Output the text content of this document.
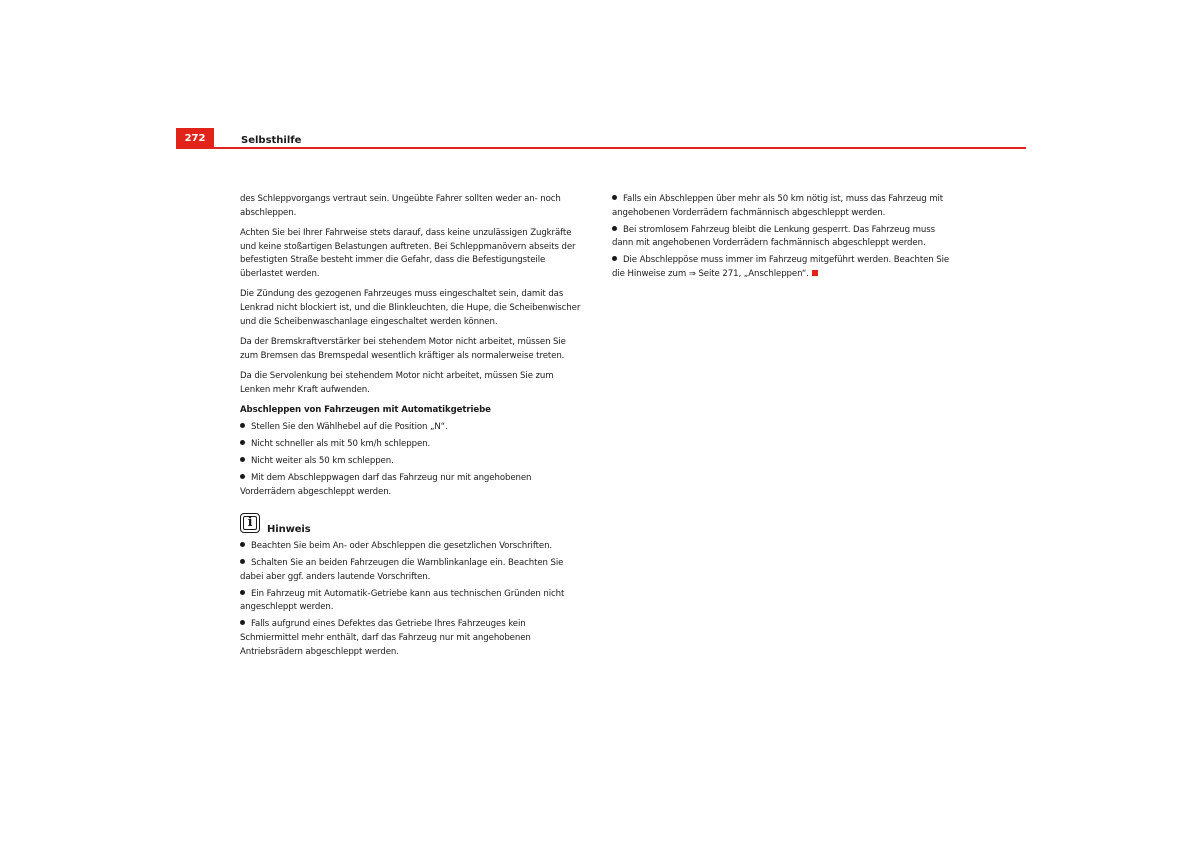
272	Selbsthilfe

des Schleppvorgangs vertraut sein. Ungeübte Fahrer sollten weder an- noch abschleppen.

Achten Sie bei Ihrer Fahrweise stets darauf, dass keine unzulässigen Zugkräfte und keine stoßartigen Belastungen auftreten. Bei Schleppmanövern abseits der befestigten Straße besteht immer die Gefahr, dass die Befestigungsteile überlastet werden.

Die Zündung des gezogenen Fahrzeuges muss eingeschaltet sein, damit das Lenkrad nicht blockiert ist, und die Blinkleuchten, die Hupe, die Scheibenwischer und die Scheibenwaschanlage eingeschaltet werden können.

Da der Bremskraftverstärker bei stehendem Motor nicht arbeitet, müssen Sie zum Bremsen das Bremspedal wesentlich kräftiger als normalerweise treten.

Da die Servolenkung bei stehendem Motor nicht arbeitet, müssen Sie zum Lenken mehr Kraft aufwenden.

Abschleppen von Fahrzeugen mit Automatikgetriebe

Stellen Sie den Wählhebel auf die Position „N“.

Nicht schneller als mit 50 km/h schleppen.

Nicht weiter als 50 km schleppen.

Mit dem Abschleppwagen darf das Fahrzeug nur mit angehobenen Vorderrädern abgeschleppt werden.

i	Hinweis

Beachten Sie beim An- oder Abschleppen die gesetzlichen Vorschriften.

Schalten Sie an beiden Fahrzeugen die Warnblinkanlage ein. Beachten Sie dabei aber ggf. anders lautende Vorschriften.

Ein Fahrzeug mit Automatik-Getriebe kann aus technischen Gründen nicht angeschleppt werden.

Falls aufgrund eines Defektes das Getriebe Ihres Fahrzeuges kein Schmiermittel mehr enthält, darf das Fahrzeug nur mit angehobenen Antriebsrädern abgeschleppt werden.

Falls ein Abschleppen über mehr als 50 km nötig ist, muss das Fahrzeug mit angehobenen Vorderrädern fachmännisch abgeschleppt werden.

Bei stromlosem Fahrzeug bleibt die Lenkung gesperrt. Das Fahrzeug muss dann mit angehobenen Vorderrädern fachmännisch abgeschleppt werden.

Die Abschleppöse muss immer im Fahrzeug mitgeführt werden. Beachten Sie die Hinweise zum ⇒ Seite 271, „Anschleppen“.
